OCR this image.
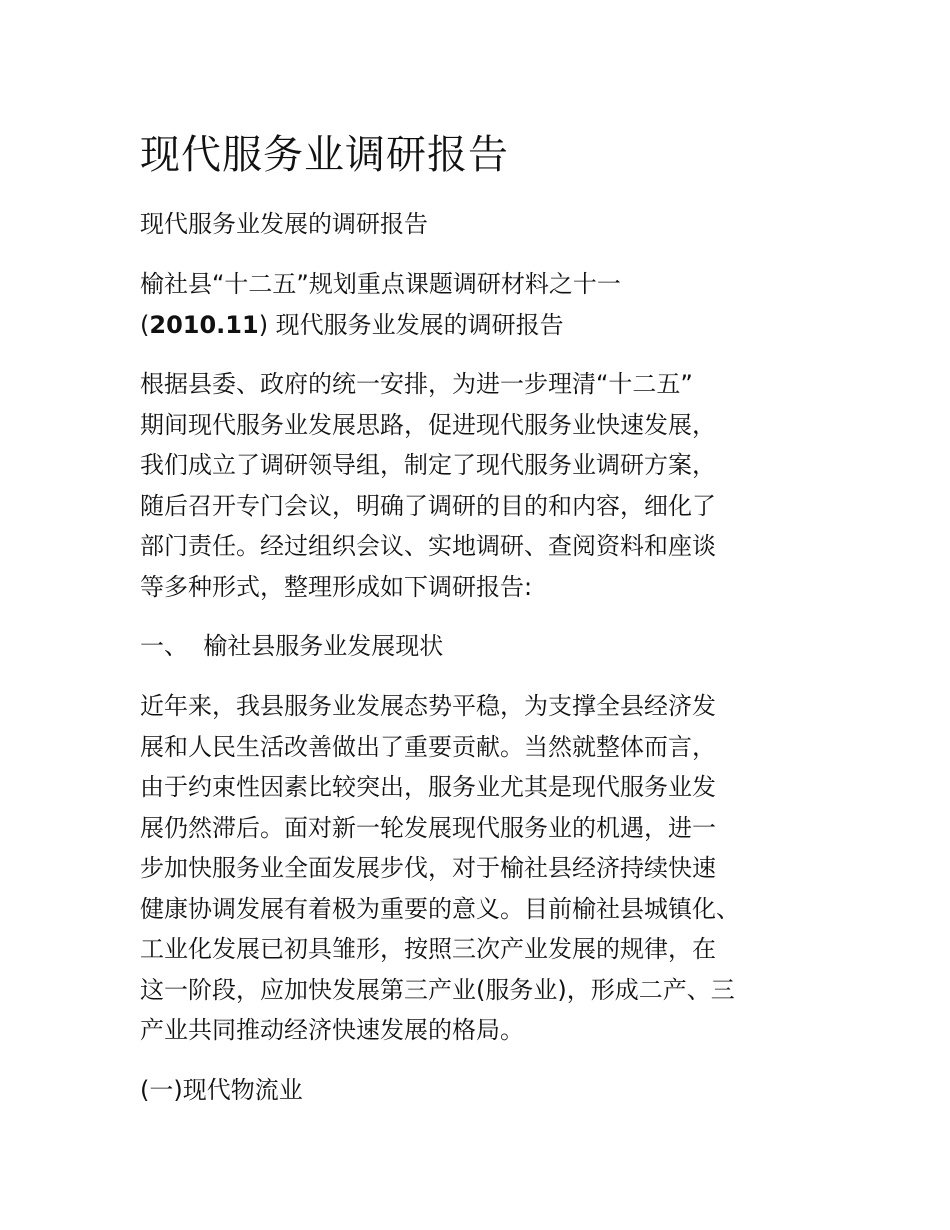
现代服务业调研报告

现代服务业发展的调研报告

榆社县“十二五”规划重点课题调研材料之十一

(2010.11) 现代服务业发展的调研报告

根据县委、政府的统一安排，为进一步理清“十二五”
期间现代服务业发展思路，促进现代服务业快速发展，
我们成立了调研领导组，制定了现代服务业调研方案，
随后召开专门会议，明确了调研的目的和内容，细化了
部门责任。经过组织会议、实地调研、查阅资料和座谈
等多种形式，整理形成如下调研报告:

一、  榆社县服务业发展现状

近年来，我县服务业发展态势平稳，为支撑全县经济发
展和人民生活改善做出了重要贡献。当然就整体而言，
由于约束性因素比较突出，服务业尤其是现代服务业发
展仍然滞后。面对新一轮发展现代服务业的机遇，进一
步加快服务业全面发展步伐，对于榆社县经济持续快速
健康协调发展有着极为重要的意义。目前榆社县城镇化、
工业化发展已初具雏形，按照三次产业发展的规律，在
这一阶段，应加快发展第三产业(服务业)，形成二产、三
产业共同推动经济快速发展的格局。

(一)现代物流业
